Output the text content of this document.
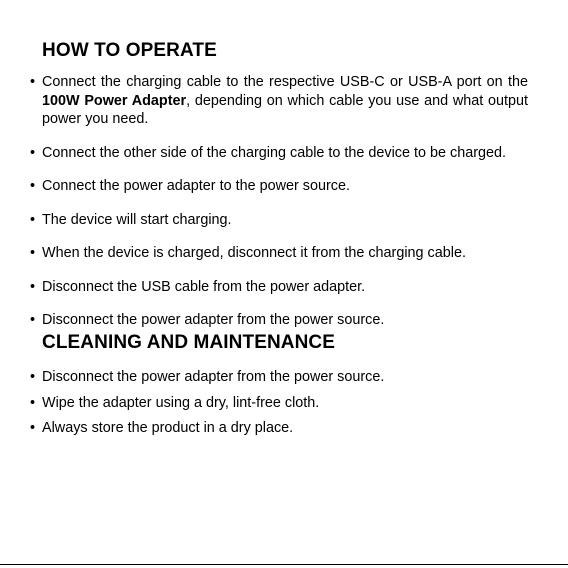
HOW TO OPERATE
• Connect the charging cable to the respective USB-C or USB-A port on the 100W Power Adapter, depending on which cable you use and what output power you need.
• Connect the other side of the charging cable to the device to be charged.
• Connect the power adapter to the power source.
• The device will start charging.
• When the device is charged, disconnect it from the charging cable.
• Disconnect the USB cable from the power adapter.
• Disconnect the power adapter from the power source.
CLEANING AND MAINTENANCE
• Disconnect the power adapter from the power source.
• Wipe the adapter using a dry, lint-free cloth.
• Always store the product in a dry place.
